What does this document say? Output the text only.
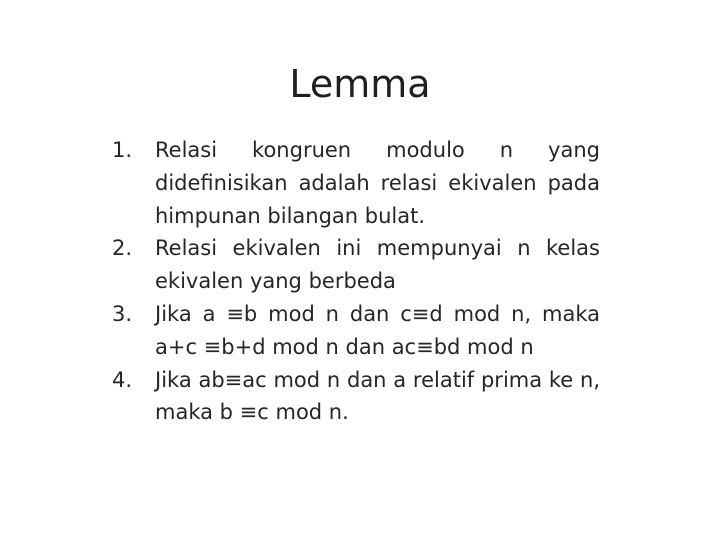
Lemma
1. Relasi kongruen modulo n yang didefinisikan adalah relasi ekivalen pada himpunan bilangan bulat.
2. Relasi ekivalen ini mempunyai n kelas ekivalen yang berbeda
3. Jika a ≡b mod n dan c≡d mod n, maka a+c ≡b+d mod n dan ac≡bd mod n
4. Jika ab≡ac mod n dan a relatif prima ke n, maka b ≡c mod n.
